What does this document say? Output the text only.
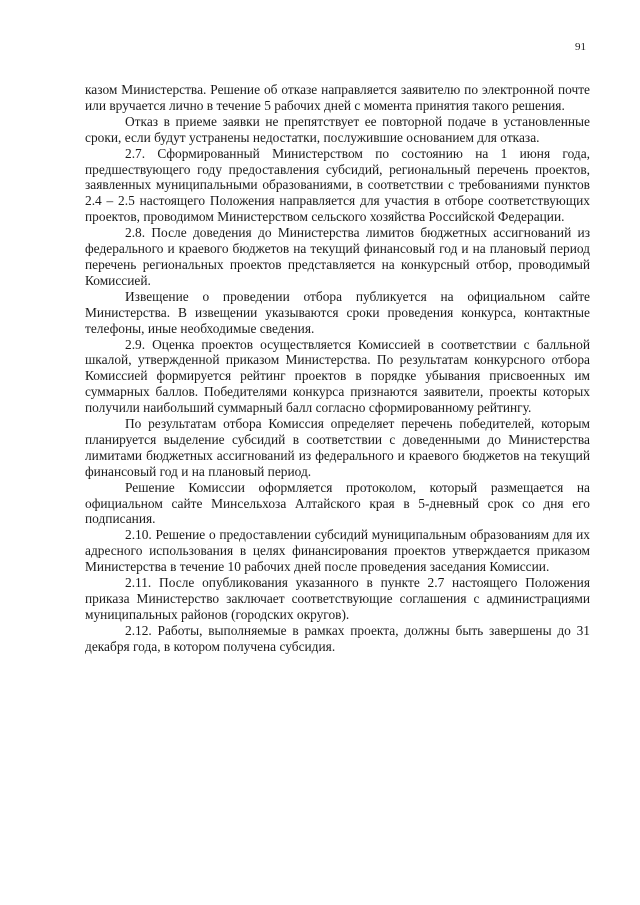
91

казом Министерства. Решение об отказе направляется заявителю по электронной почте или вручается лично в течение 5 рабочих дней с момента принятия такого решения.

Отказ в приеме заявки не препятствует ее повторной подаче в установленные сроки, если будут устранены недостатки, послужившие основанием для отказа.

2.7. Сформированный Министерством по состоянию на 1 июня года, предшествующего году предоставления субсидий, региональный перечень проектов, заявленных муниципальными образованиями, в соответствии с требованиями пунктов 2.4 – 2.5 настоящего Положения направляется для участия в отборе соответствующих проектов, проводимом Министерством сельского хозяйства Российской Федерации.

2.8. После доведения до Министерства лимитов бюджетных ассигнований из федерального и краевого бюджетов на текущий финансовый год и на плановый период перечень региональных проектов представляется на конкурсный отбор, проводимый Комиссией.

Извещение о проведении отбора публикуется на официальном сайте Министерства. В извещении указываются сроки проведения конкурса, контактные телефоны, иные необходимые сведения.

2.9. Оценка проектов осуществляется Комиссией в соответствии с балльной шкалой, утвержденной приказом Министерства. По результатам конкурсного отбора Комиссией формируется рейтинг проектов в порядке убывания присвоенных им суммарных баллов. Победителями конкурса признаются заявители, проекты которых получили наибольший суммарный балл согласно сформированному рейтингу.

По результатам отбора Комиссия определяет перечень победителей, которым планируется выделение субсидий в соответствии с доведенными до Министерства лимитами бюджетных ассигнований из федерального и краевого бюджетов на текущий финансовый год и на плановый период.

Решение Комиссии оформляется протоколом, который размещается на официальном сайте Минсельхоза Алтайского края в 5-дневный срок со дня его подписания.

2.10. Решение о предоставлении субсидий муниципальным образованиям для их адресного использования в целях финансирования проектов утверждается приказом Министерства в течение 10 рабочих дней после проведения заседания Комиссии.

2.11. После опубликования указанного в пункте 2.7 настоящего Положения приказа Министерство заключает соответствующие соглашения с администрациями муниципальных районов (городских округов).

2.12. Работы, выполняемые в рамках проекта, должны быть завершены до 31 декабря года, в котором получена субсидия.
